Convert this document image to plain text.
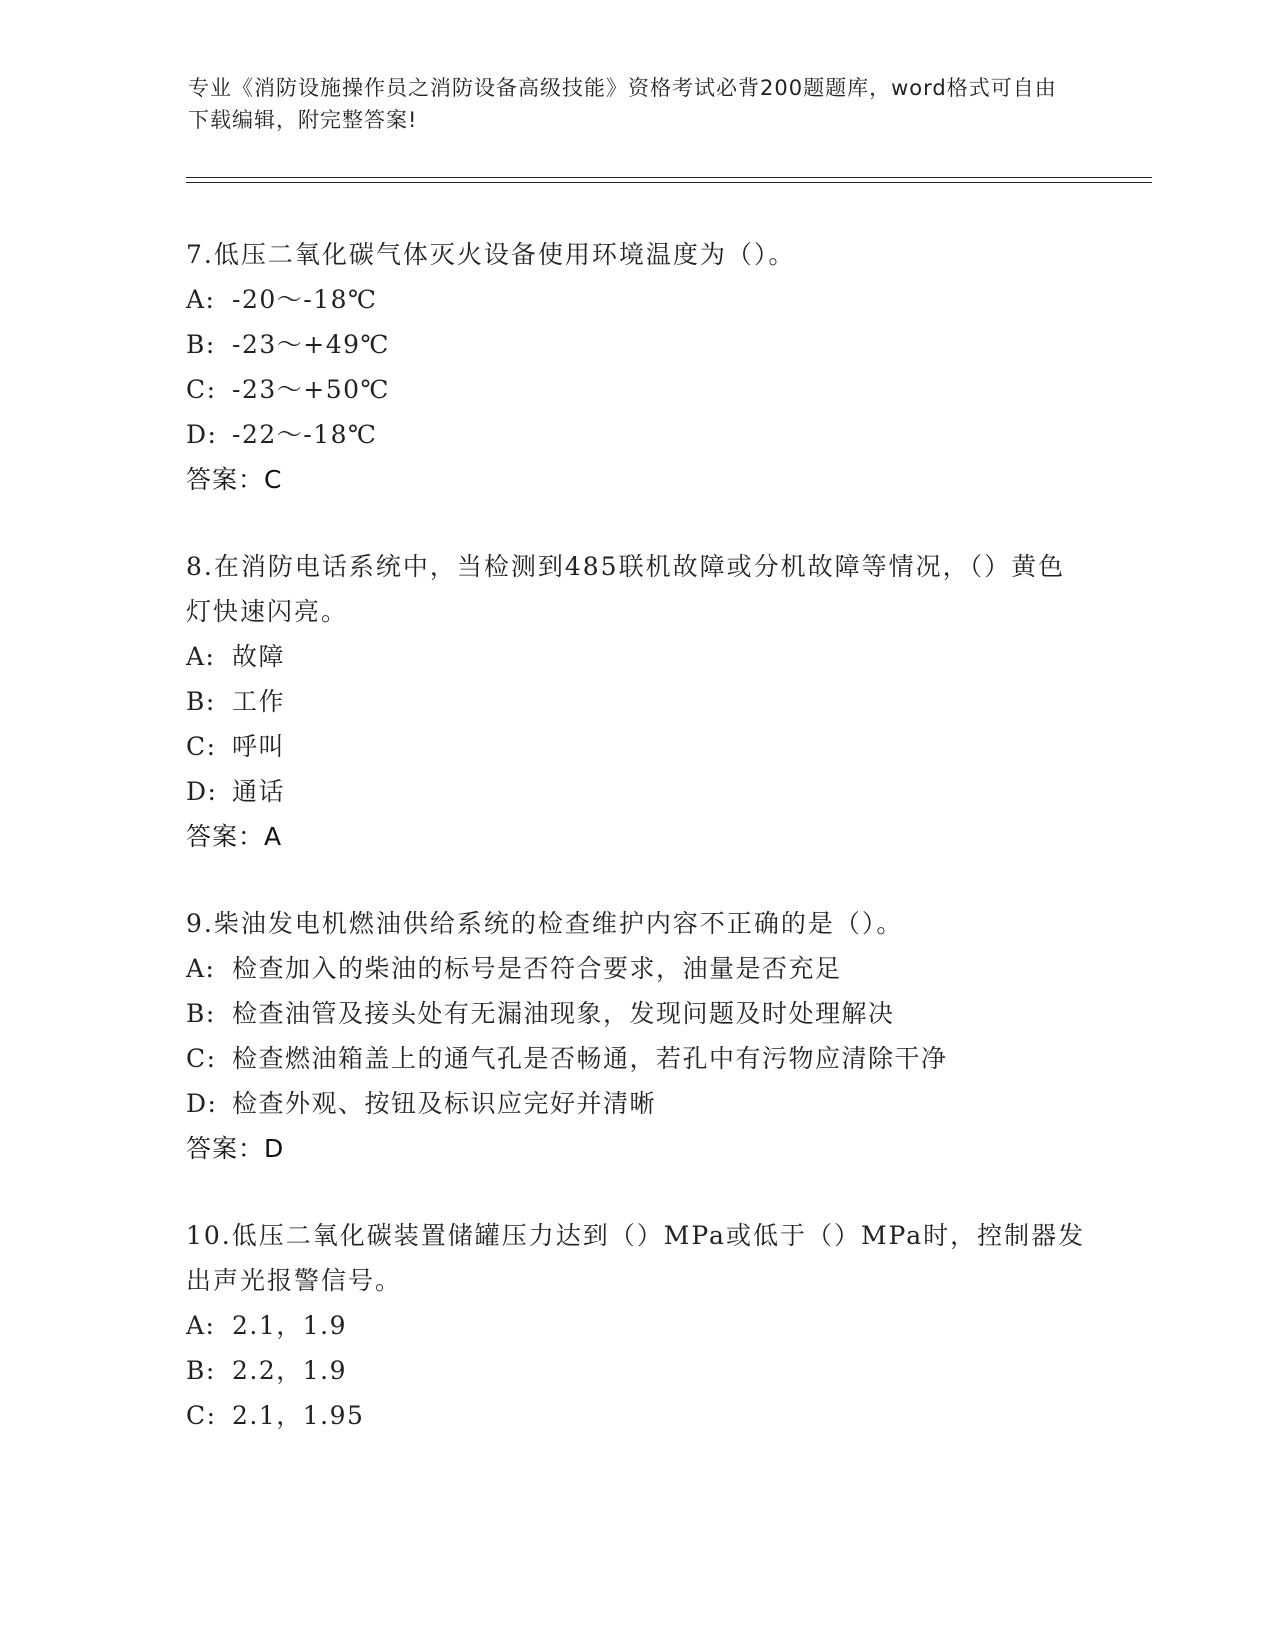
专业《消防设施操作员之消防设备高级技能》资格考试必背200题题库，word格式可自由下载编辑，附完整答案!
7.低压二氧化碳气体灭火设备使用环境温度为（）。
A: -20～-18℃
B: -23～+49℃
C: -23～+50℃
D: -22～-18℃
答案：C
8.在消防电话系统中，当检测到485联机故障或分机故障等情况，（）黄色灯快速闪亮。
A: 故障
B: 工作
C: 呼叫
D: 通话
答案：A
9.柴油发电机燃油供给系统的检查维护内容不正确的是（）。
A: 检查加入的柴油的标号是否符合要求，油量是否充足
B: 检查油管及接头处有无漏油现象，发现问题及时处理解决
C: 检查燃油箱盖上的通气孔是否畅通，若孔中有污物应清除干净
D: 检查外观、按钮及标识应完好并清晰
答案：D
10.低压二氧化碳装置储罐压力达到（）MPa或低于（）MPa时，控制器发出声光报警信号。
A: 2.1，1.9
B: 2.2，1.9
C: 2.1，1.95
